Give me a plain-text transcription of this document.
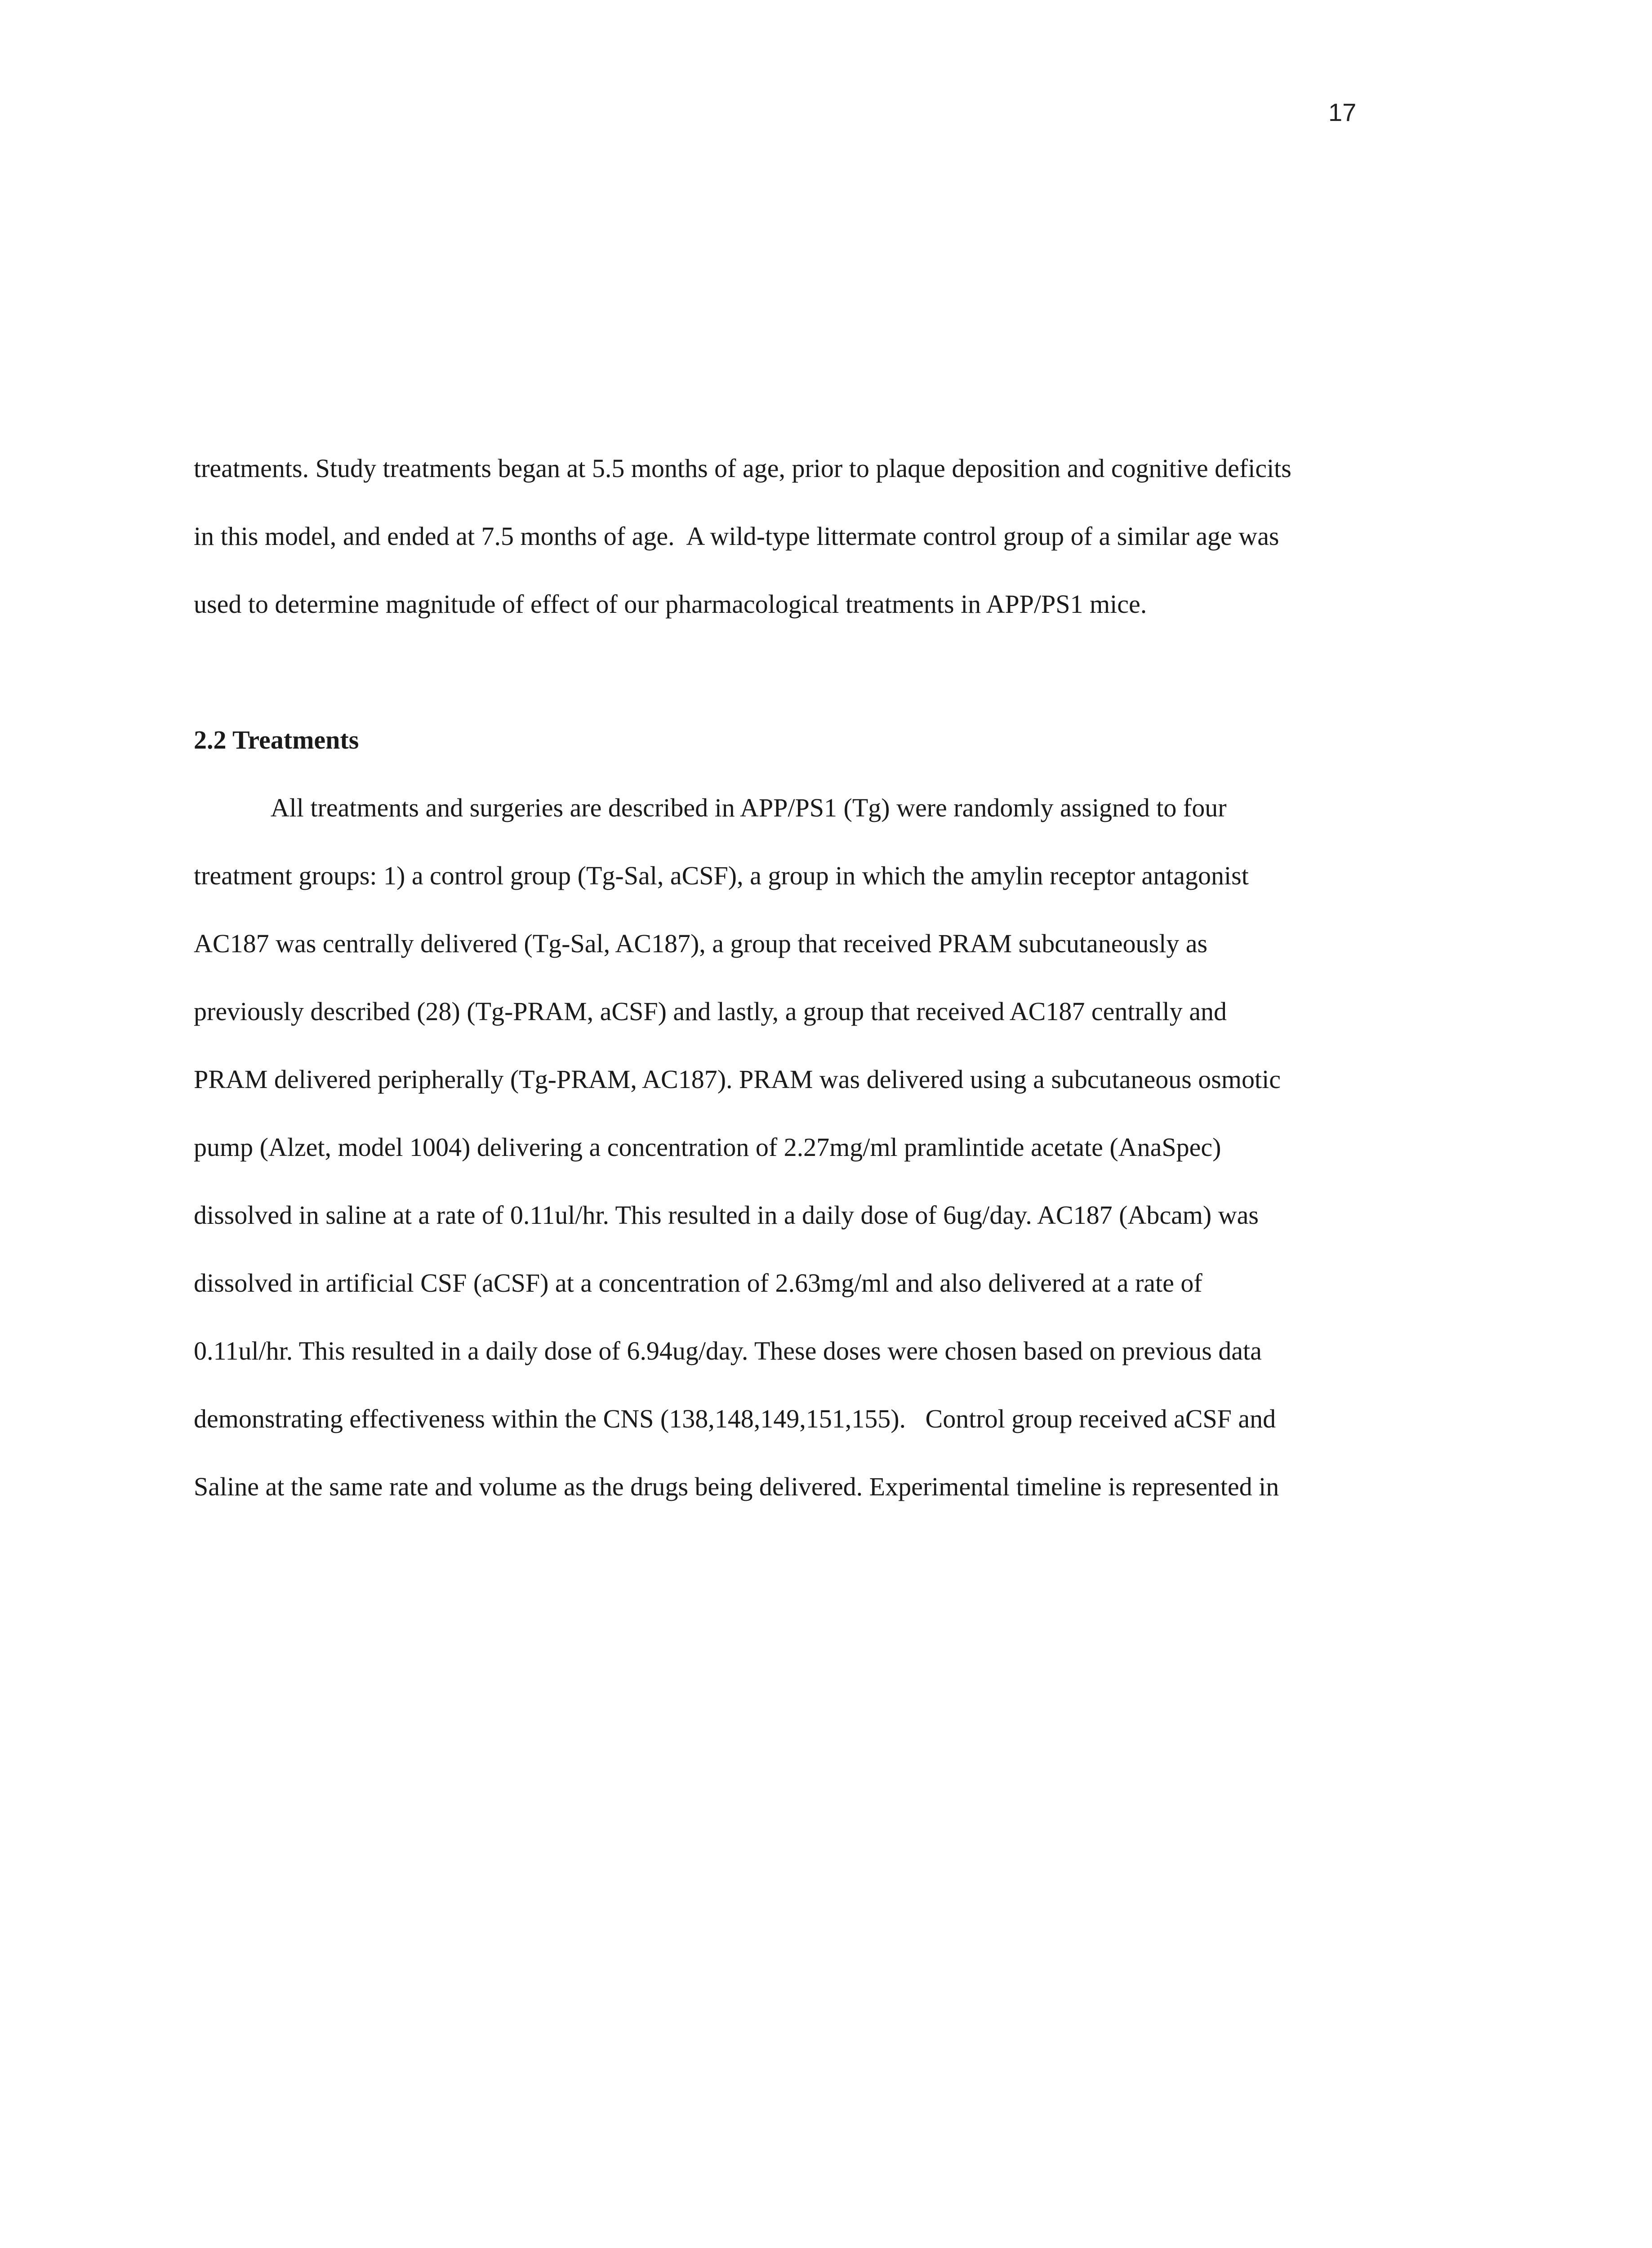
17
treatments. Study treatments began at 5.5 months of age, prior to plaque deposition and cognitive deficits
in this model, and ended at 7.5 months of age.  A wild-type littermate control group of a similar age was
used to determine magnitude of effect of our pharmacological treatments in APP/PS1 mice.
2.2 Treatments
All treatments and surgeries are described in APP/PS1 (Tg) were randomly assigned to four
treatment groups: 1) a control group (Tg-Sal, aCSF), a group in which the amylin receptor antagonist
AC187 was centrally delivered (Tg-Sal, AC187), a group that received PRAM subcutaneously as
previously described (28) (Tg-PRAM, aCSF) and lastly, a group that received AC187 centrally and
PRAM delivered peripherally (Tg-PRAM, AC187). PRAM was delivered using a subcutaneous osmotic
pump (Alzet, model 1004) delivering a concentration of 2.27mg/ml pramlintide acetate (AnaSpec)
dissolved in saline at a rate of 0.11ul/hr. This resulted in a daily dose of 6ug/day. AC187 (Abcam) was
dissolved in artificial CSF (aCSF) at a concentration of 2.63mg/ml and also delivered at a rate of
0.11ul/hr. This resulted in a daily dose of 6.94ug/day. These doses were chosen based on previous data
demonstrating effectiveness within the CNS (138,148,149,151,155).   Control group received aCSF and
Saline at the same rate and volume as the drugs being delivered. Experimental timeline is represented in
